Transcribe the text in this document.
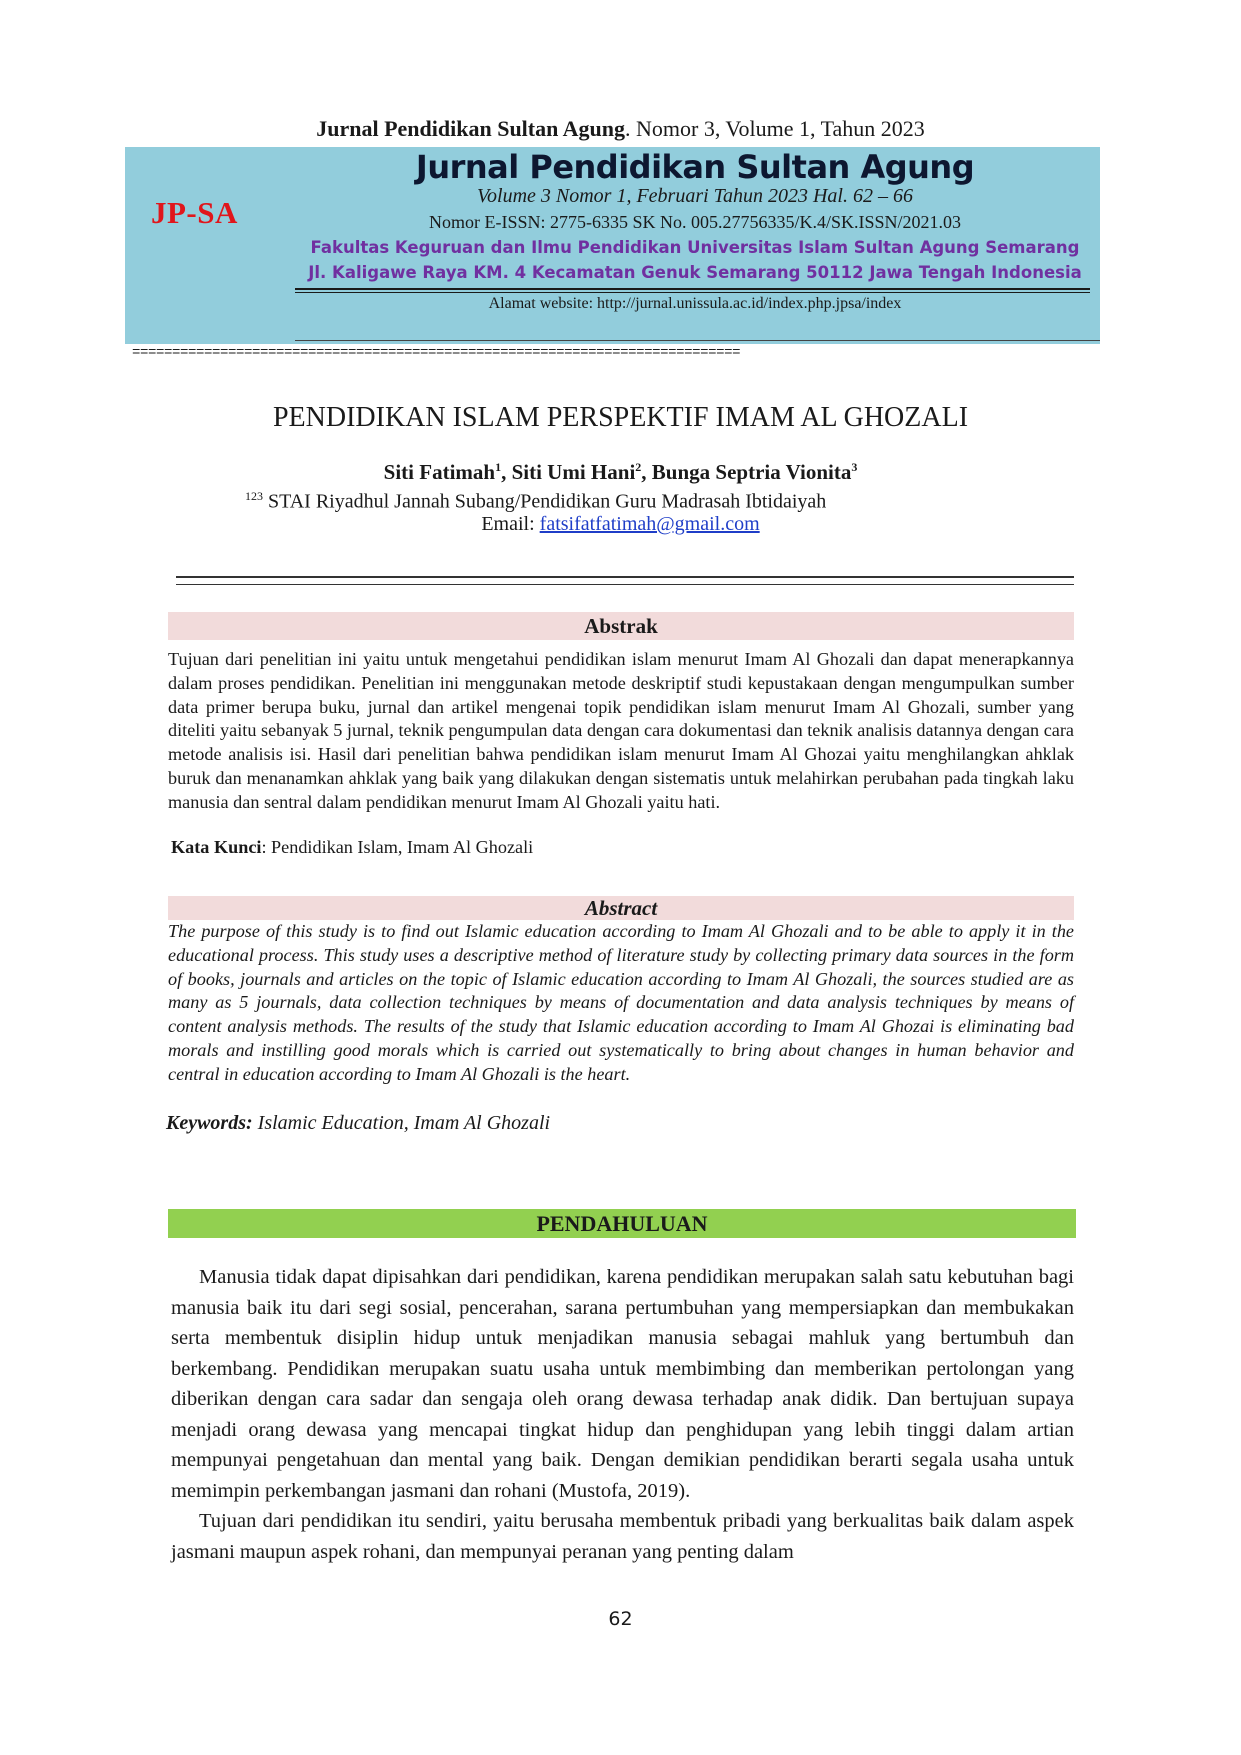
Jurnal Pendidikan Sultan Agung. Nomor 3, Volume 1, Tahun 2023
JP-SA
Jurnal Pendidikan Sultan Agung
Volume 3 Nomor 1, Februari Tahun 2023 Hal. 62 – 66
Nomor E-ISSN: 2775-6335 SK No. 005.27756335/K.4/SK.ISSN/2021.03
Fakultas Keguruan dan Ilmu Pendidikan Universitas Islam Sultan Agung Semarang
Jl. Kaligawe Raya KM. 4 Kecamatan Genuk Semarang 50112 Jawa Tengah Indonesia
Alamat website: http://jurnal.unissula.ac.id/index.php.jpsa/index
============================================================================
PENDIDIKAN ISLAM PERSPEKTIF IMAM AL GHOZALI
Siti Fatimah$^1$, Siti Umi Hani$^2$, Bunga Septria Vionita$^3$
$^{123}$ STAI Riyadhul Jannah Subang/Pendidikan Guru Madrasah Ibtidaiyah
Email: fatsifatfatimah@gmail.com
Abstrak
Tujuan dari penelitian ini yaitu untuk mengetahui pendidikan islam menurut Imam Al Ghozali dan dapat menerapkannya dalam proses pendidikan. Penelitian ini menggunakan metode deskriptif studi kepustakaan dengan mengumpulkan sumber data primer berupa buku, jurnal dan artikel mengenai topik pendidikan islam menurut Imam Al Ghozali, sumber yang diteliti yaitu sebanyak 5 jurnal, teknik pengumpulan data dengan cara dokumentasi dan teknik analisis datannya dengan cara metode analisis isi. Hasil dari penelitian bahwa pendidikan islam menurut Imam Al Ghozai yaitu menghilangkan ahklak buruk dan menanamkan ahklak yang baik yang dilakukan dengan sistematis untuk melahirkan perubahan pada tingkah laku manusia dan sentral dalam pendidikan menurut Imam Al Ghozali yaitu hati.
Kata Kunci: Pendidikan Islam, Imam Al Ghozali
Abstract
The purpose of this study is to find out Islamic education according to Imam Al Ghozali and to be able to apply it in the educational process. This study uses a descriptive method of literature study by collecting primary data sources in the form of books, journals and articles on the topic of Islamic education according to Imam Al Ghozali, the sources studied are as many as 5 journals, data collection techniques by means of documentation and data analysis techniques by means of content analysis methods. The results of the study that Islamic education according to Imam Al Ghozai is eliminating bad morals and instilling good morals which is carried out systematically to bring about changes in human behavior and central in education according to Imam Al Ghozali is the heart.
Keywords: Islamic Education, Imam Al Ghozali
PENDAHULUAN

Manusia tidak dapat dipisahkan dari pendidikan, karena pendidikan merupakan salah satu kebutuhan bagi manusia baik itu dari segi sosial, pencerahan, sarana pertumbuhan yang mempersiapkan dan membukakan serta membentuk disiplin hidup untuk menjadikan manusia sebagai mahluk yang bertumbuh dan berkembang. Pendidikan merupakan suatu usaha untuk membimbing dan memberikan pertolongan yang diberikan dengan cara sadar dan sengaja oleh orang dewasa terhadap anak didik. Dan bertujuan supaya menjadi orang dewasa yang mencapai tingkat hidup dan penghidupan yang lebih tinggi dalam artian mempunyai pengetahuan dan mental yang baik. Dengan demikian pendidikan berarti segala usaha untuk memimpin perkembangan jasmani dan rohani (Mustofa, 2019).

Tujuan dari pendidikan itu sendiri, yaitu berusaha membentuk pribadi yang berkualitas baik dalam aspek jasmani maupun aspek rohani, dan mempunyai peranan yang penting dalam

62
